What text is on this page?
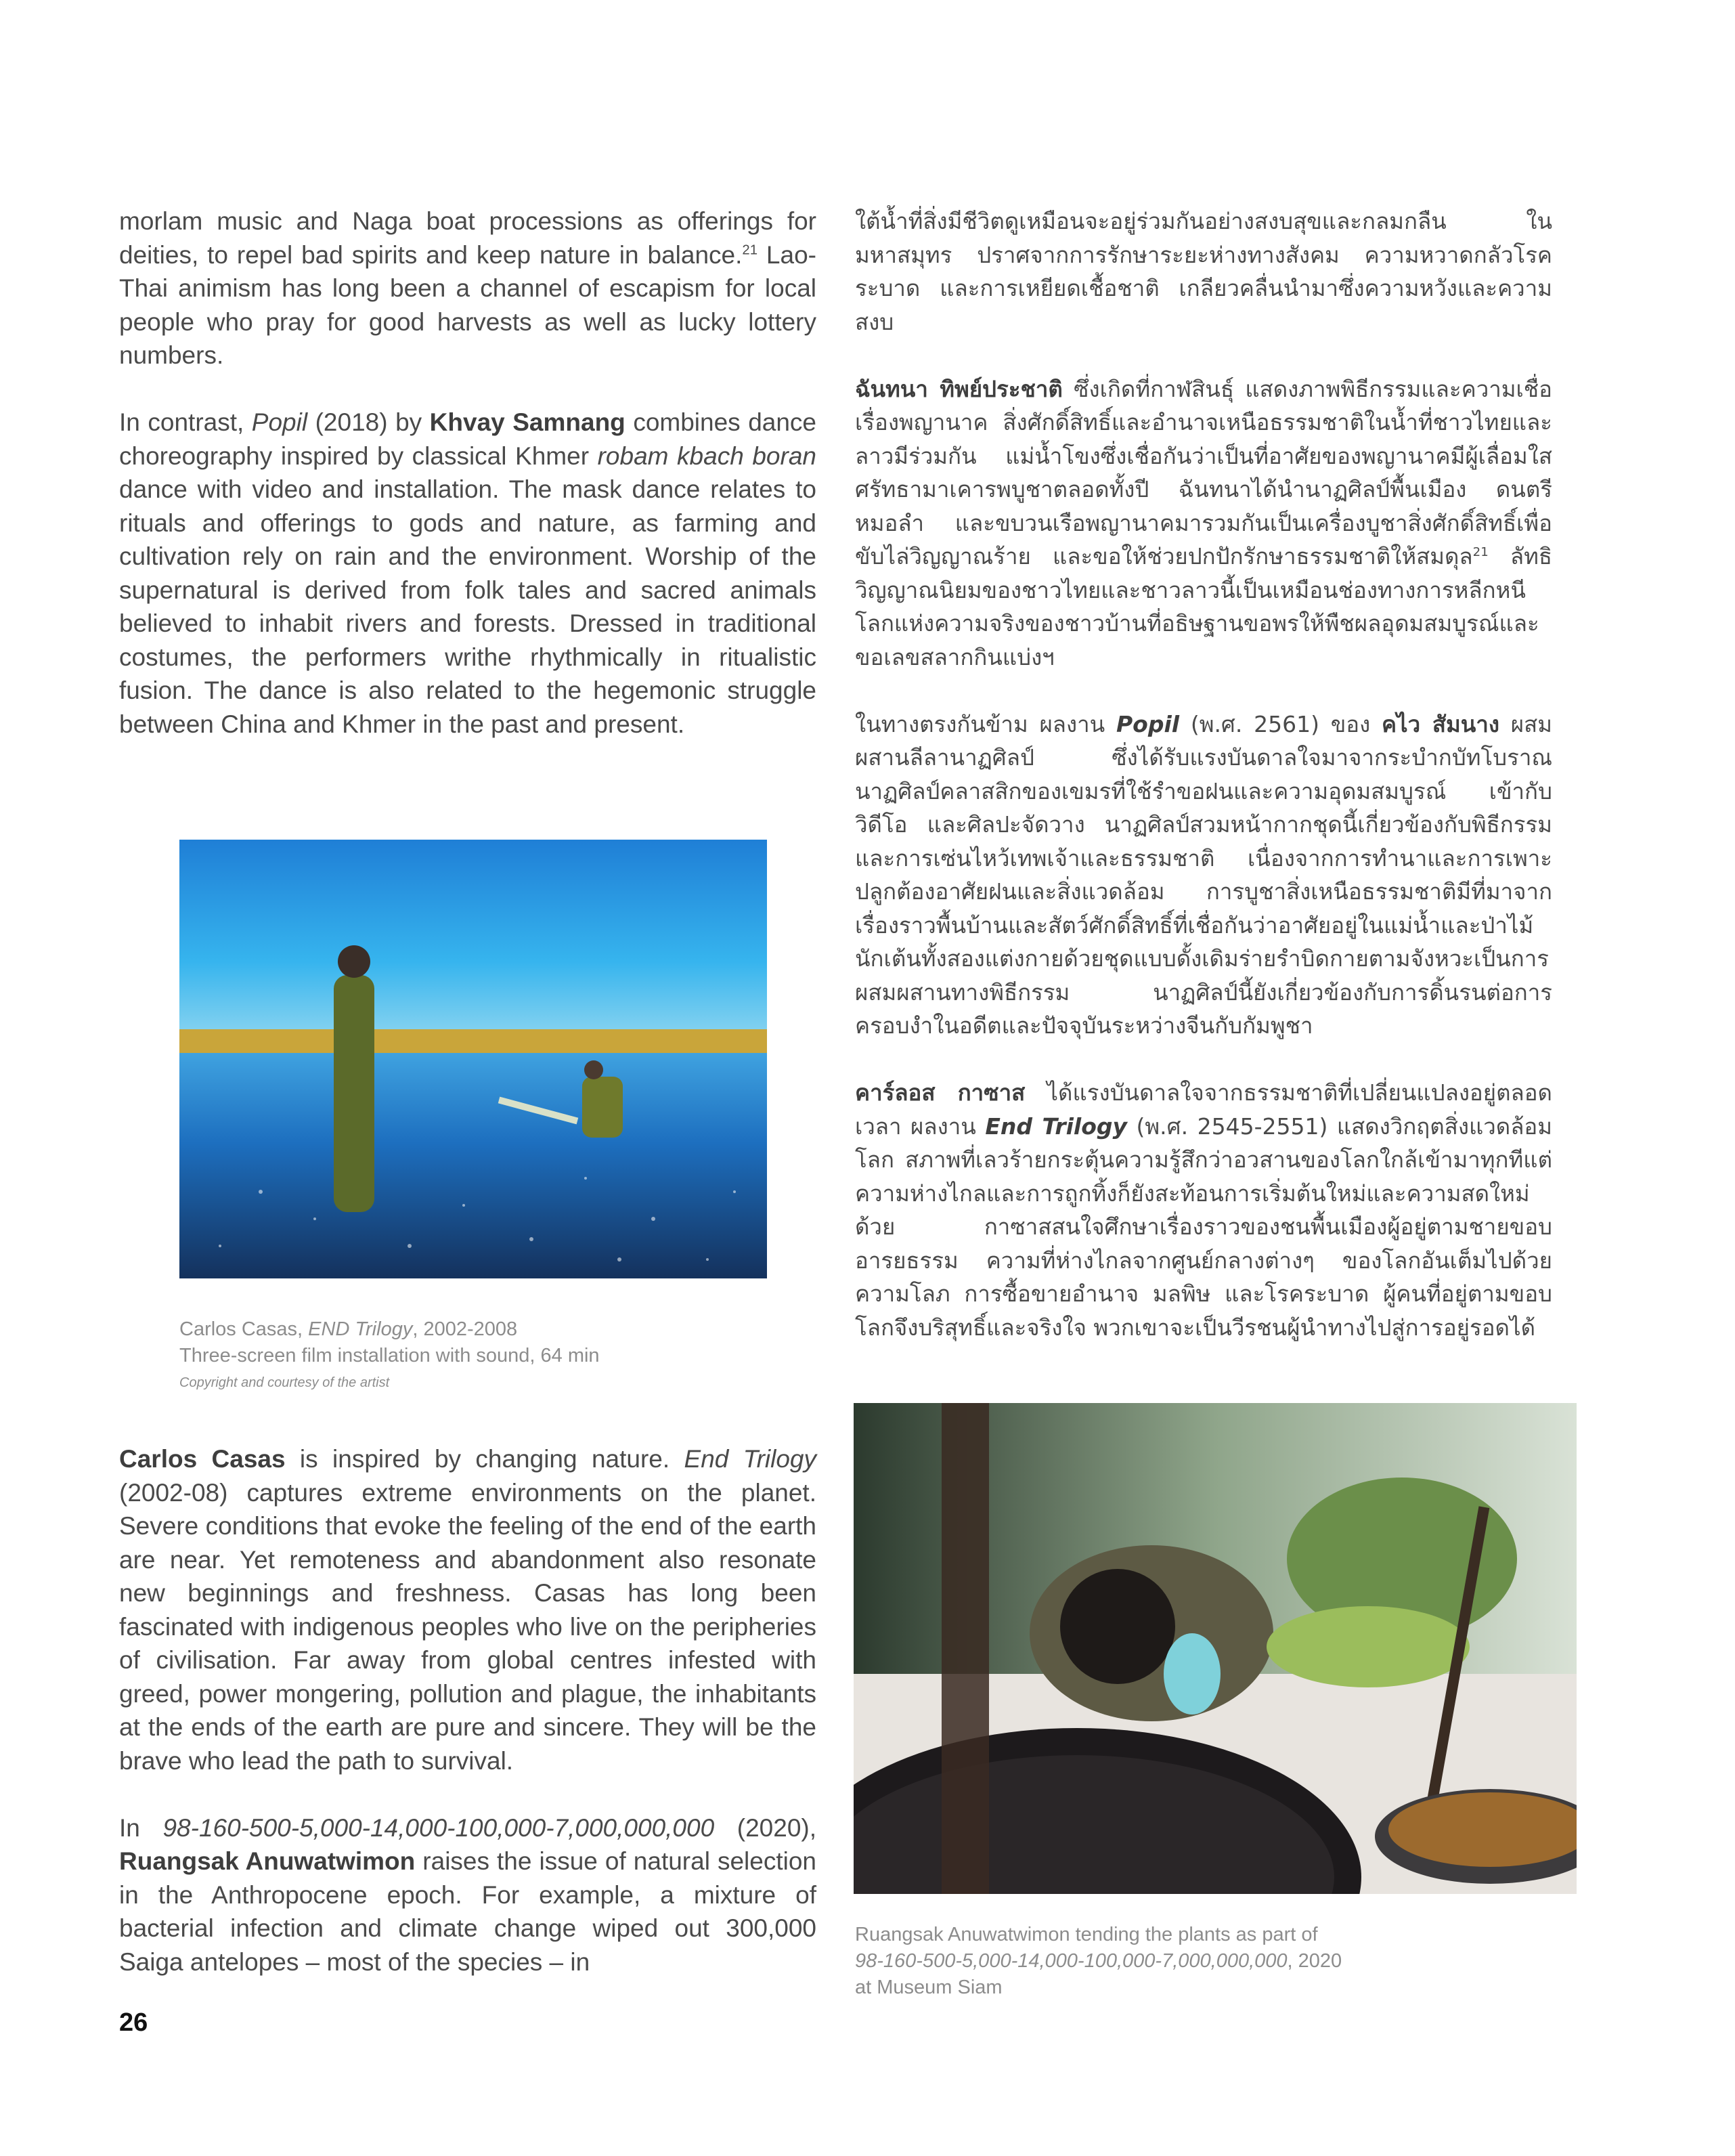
morlam music and Naga boat processions as offerings for deities, to repel bad spirits and keep nature in balance.$^{21}$ Lao-Thai animism has long been a channel of escapism for local people who pray for good harvests as well as lucky lottery numbers.

In contrast, Popil (2018) by Khvay Samnang combines dance choreography inspired by classical Khmer robam kbach boran dance with video and installation. The mask dance relates to rituals and offerings to gods and nature, as farming and cultivation rely on rain and the environment. Worship of the supernatural is derived from folk tales and sacred animals believed to inhabit rivers and forests. Dressed in traditional costumes, the performers writhe rhythmically in ritualistic fusion. The dance is also related to the hegemonic struggle between China and Khmer in the past and present.

Carlos Casas, END Trilogy, 2002-2008
Three-screen film installation with sound, 64 min
Copyright and courtesy of the artist

Carlos Casas is inspired by changing nature. End Trilogy (2002-08) captures extreme environments on the planet. Severe conditions that evoke the feeling of the end of the earth are near. Yet remoteness and abandonment also resonate new beginnings and freshness. Casas has long been fascinated with indigenous peoples who live on the peripheries of civilisation. Far away from global centres infested with greed, power mongering, pollution and plague, the inhabitants at the ends of the earth are pure and sincere. They will be the brave who lead the path to survival.

In 98-160-500-5,000-14,000-100,000-7,000,000,000 (2020), Ruangsak Anuwatwimon raises the issue of natural selection in the Anthropocene epoch. For example, a mixture of bacterial infection and climate change wiped out 300,000 Saiga antelopes – most of the species – in

ใต้น้ำที่สิ่งมีชีวิตดูเหมือนจะอยู่ร่วมกันอย่างสงบสุขและกลมกลืน ในมหาสมุทร ปราศจากการรักษาระยะห่างทางสังคม ความหวาดกลัวโรคระบาด และการเหยียดเชื้อชาติ เกลียวคลื่นนำมาซึ่งความหวังและความสงบ

ฉันทนา ทิพย์ประชาติ ซึ่งเกิดที่กาฬสินธุ์ แสดงภาพพิธีกรรมและความเชื่อเรื่องพญานาค สิ่งศักดิ์สิทธิ์และอำนาจเหนือธรรมชาติในน้ำที่ชาวไทยและลาวมีร่วมกัน แม่น้ำโขงซึ่งเชื่อกันว่าเป็นที่อาศัยของพญานาคมีผู้เลื่อมใสศรัทธามาเคารพบูชาตลอดทั้งปี ฉันทนาได้นำนาฏศิลป์พื้นเมือง ดนตรีหมอลำ และขบวนเรือพญานาคมารวมกันเป็นเครื่องบูชาสิ่งศักดิ์สิทธิ์เพื่อขับไล่วิญญาณร้าย และขอให้ช่วยปกปักรักษาธรรมชาติให้สมดุล$^{21}$ ลัทธิวิญญาณนิยมของชาวไทยและชาวลาวนี้เป็นเหมือนช่องทางการหลีกหนีโลกแห่งความจริงของชาวบ้านที่อธิษฐานขอพรให้พืชผลอุดมสมบูรณ์และขอเลขสลากกินแบ่งฯ

ในทางตรงกันข้าม ผลงาน Popil (พ.ศ. 2561) ของ คไว สัมนาง ผสมผสานลีลานาฏศิลป์ ซึ่งได้รับแรงบันดาลใจมาจากระบำกบัทโบราณ นาฏศิลป์คลาสสิกของเขมรที่ใช้รำขอฝนและความอุดมสมบูรณ์ เข้ากับวิดีโอ และศิลปะจัดวาง นาฏศิลป์สวมหน้ากากชุดนี้เกี่ยวข้องกับพิธีกรรมและการเซ่นไหว้เทพเจ้าและธรรมชาติ เนื่องจากการทำนาและการเพาะปลูกต้องอาศัยฝนและสิ่งแวดล้อม การบูชาสิ่งเหนือธรรมชาติมีที่มาจากเรื่องราวพื้นบ้านและสัตว์ศักดิ์สิทธิ์ที่เชื่อกันว่าอาศัยอยู่ในแม่น้ำและป่าไม้ นักเต้นทั้งสองแต่งกายด้วยชุดแบบดั้งเดิมร่ายรำบิดกายตามจังหวะเป็นการผสมผสานทางพิธีกรรม นาฏศิลป์นี้ยังเกี่ยวข้องกับการดิ้นรนต่อการครอบงำในอดีตและปัจจุบันระหว่างจีนกับกัมพูชา

คาร์ลอส กาซาส ได้แรงบันดาลใจจากธรรมชาติที่เปลี่ยนแปลงอยู่ตลอดเวลา ผลงาน End Trilogy (พ.ศ. 2545-2551) แสดงวิกฤตสิ่งแวดล้อมโลก สภาพที่เลวร้ายกระตุ้นความรู้สึกว่าอวสานของโลกใกล้เข้ามาทุกทีแต่ความห่างไกลและการถูกทิ้งก็ยังสะท้อนการเริ่มต้นใหม่และความสดใหม่ด้วย กาซาสสนใจศึกษาเรื่องราวของชนพื้นเมืองผู้อยู่ตามชายขอบอารยธรรม ความที่ห่างไกลจากศูนย์กลางต่างๆ ของโลกอันเต็มไปด้วยความโลภ การซื้อขายอำนาจ มลพิษ และโรคระบาด ผู้คนที่อยู่ตามขอบโลกจึงบริสุทธิ์และจริงใจ พวกเขาจะเป็นวีรชนผู้นำทางไปสู่การอยู่รอดได้

Ruangsak Anuwatwimon tending the plants as part of
98-160-500-5,000-14,000-100,000-7,000,000,000, 2020
at Museum Siam
26
